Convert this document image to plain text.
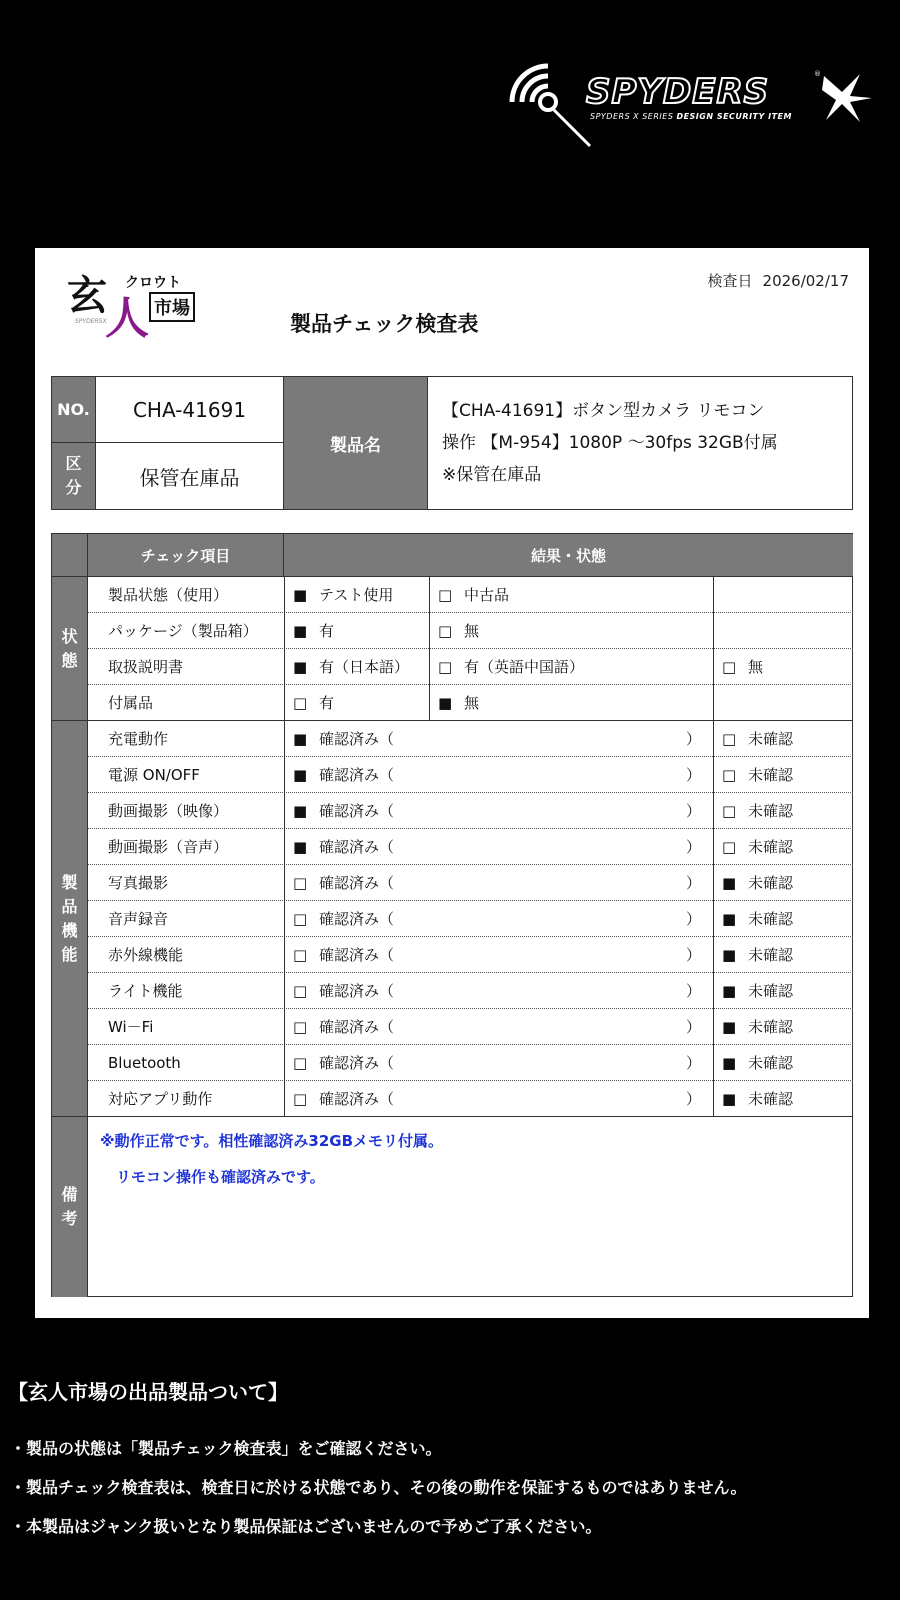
SPYDERS	®
SPYDERS X SERIES DESIGN SECURITY ITEM
玄
人
クロウト
市場
SPYDERSX
検査日 2026/02/17
製品チェック検査表
NO.	CHA-41691
区分	保管在庫品
製品名
【CHA-41691】ボタン型カメラ リモコン
操作 【M-954】1080P ～30fps 32GB付属
※保管在庫品
チェック項目	結果・状態
状態
製品機能
備考
製品状態（使用）	■ テスト使用	□ 中古品
パッケージ（製品箱）	■ 有	□ 無
取扱説明書	■ 有（日本語）	□ 有（英語中国語）	□ 無
付属品	□ 有	■ 無
充電動作	■ 確認済み（	）	□ 未確認
電源 ON/OFF	■ 確認済み（	）	□ 未確認
動画撮影（映像）	■ 確認済み（	）	□ 未確認
動画撮影（音声）	■ 確認済み（	）	□ 未確認
写真撮影	□ 確認済み（	）	■ 未確認
音声録音	□ 確認済み（	）	■ 未確認
赤外線機能	□ 確認済み（	）	■ 未確認
ライト機能	□ 確認済み（	）	■ 未確認
Wi－Fi	□ 確認済み（	）	■ 未確認
Bluetooth	□ 確認済み（	）	■ 未確認
対応アプリ動作	□ 確認済み（	）	■ 未確認

※動作正常です。相性確認済み32GBメモリ付属。

リモコン操作も確認済みです。

【玄人市場の出品製品ついて】
・製品の状態は「製品チェック検査表」をご確認ください。
・製品チェック検査表は、検査日に於ける状態であり、その後の動作を保証するものではありません。
・本製品はジャンク扱いとなり製品保証はございませんので予めご了承ください。
